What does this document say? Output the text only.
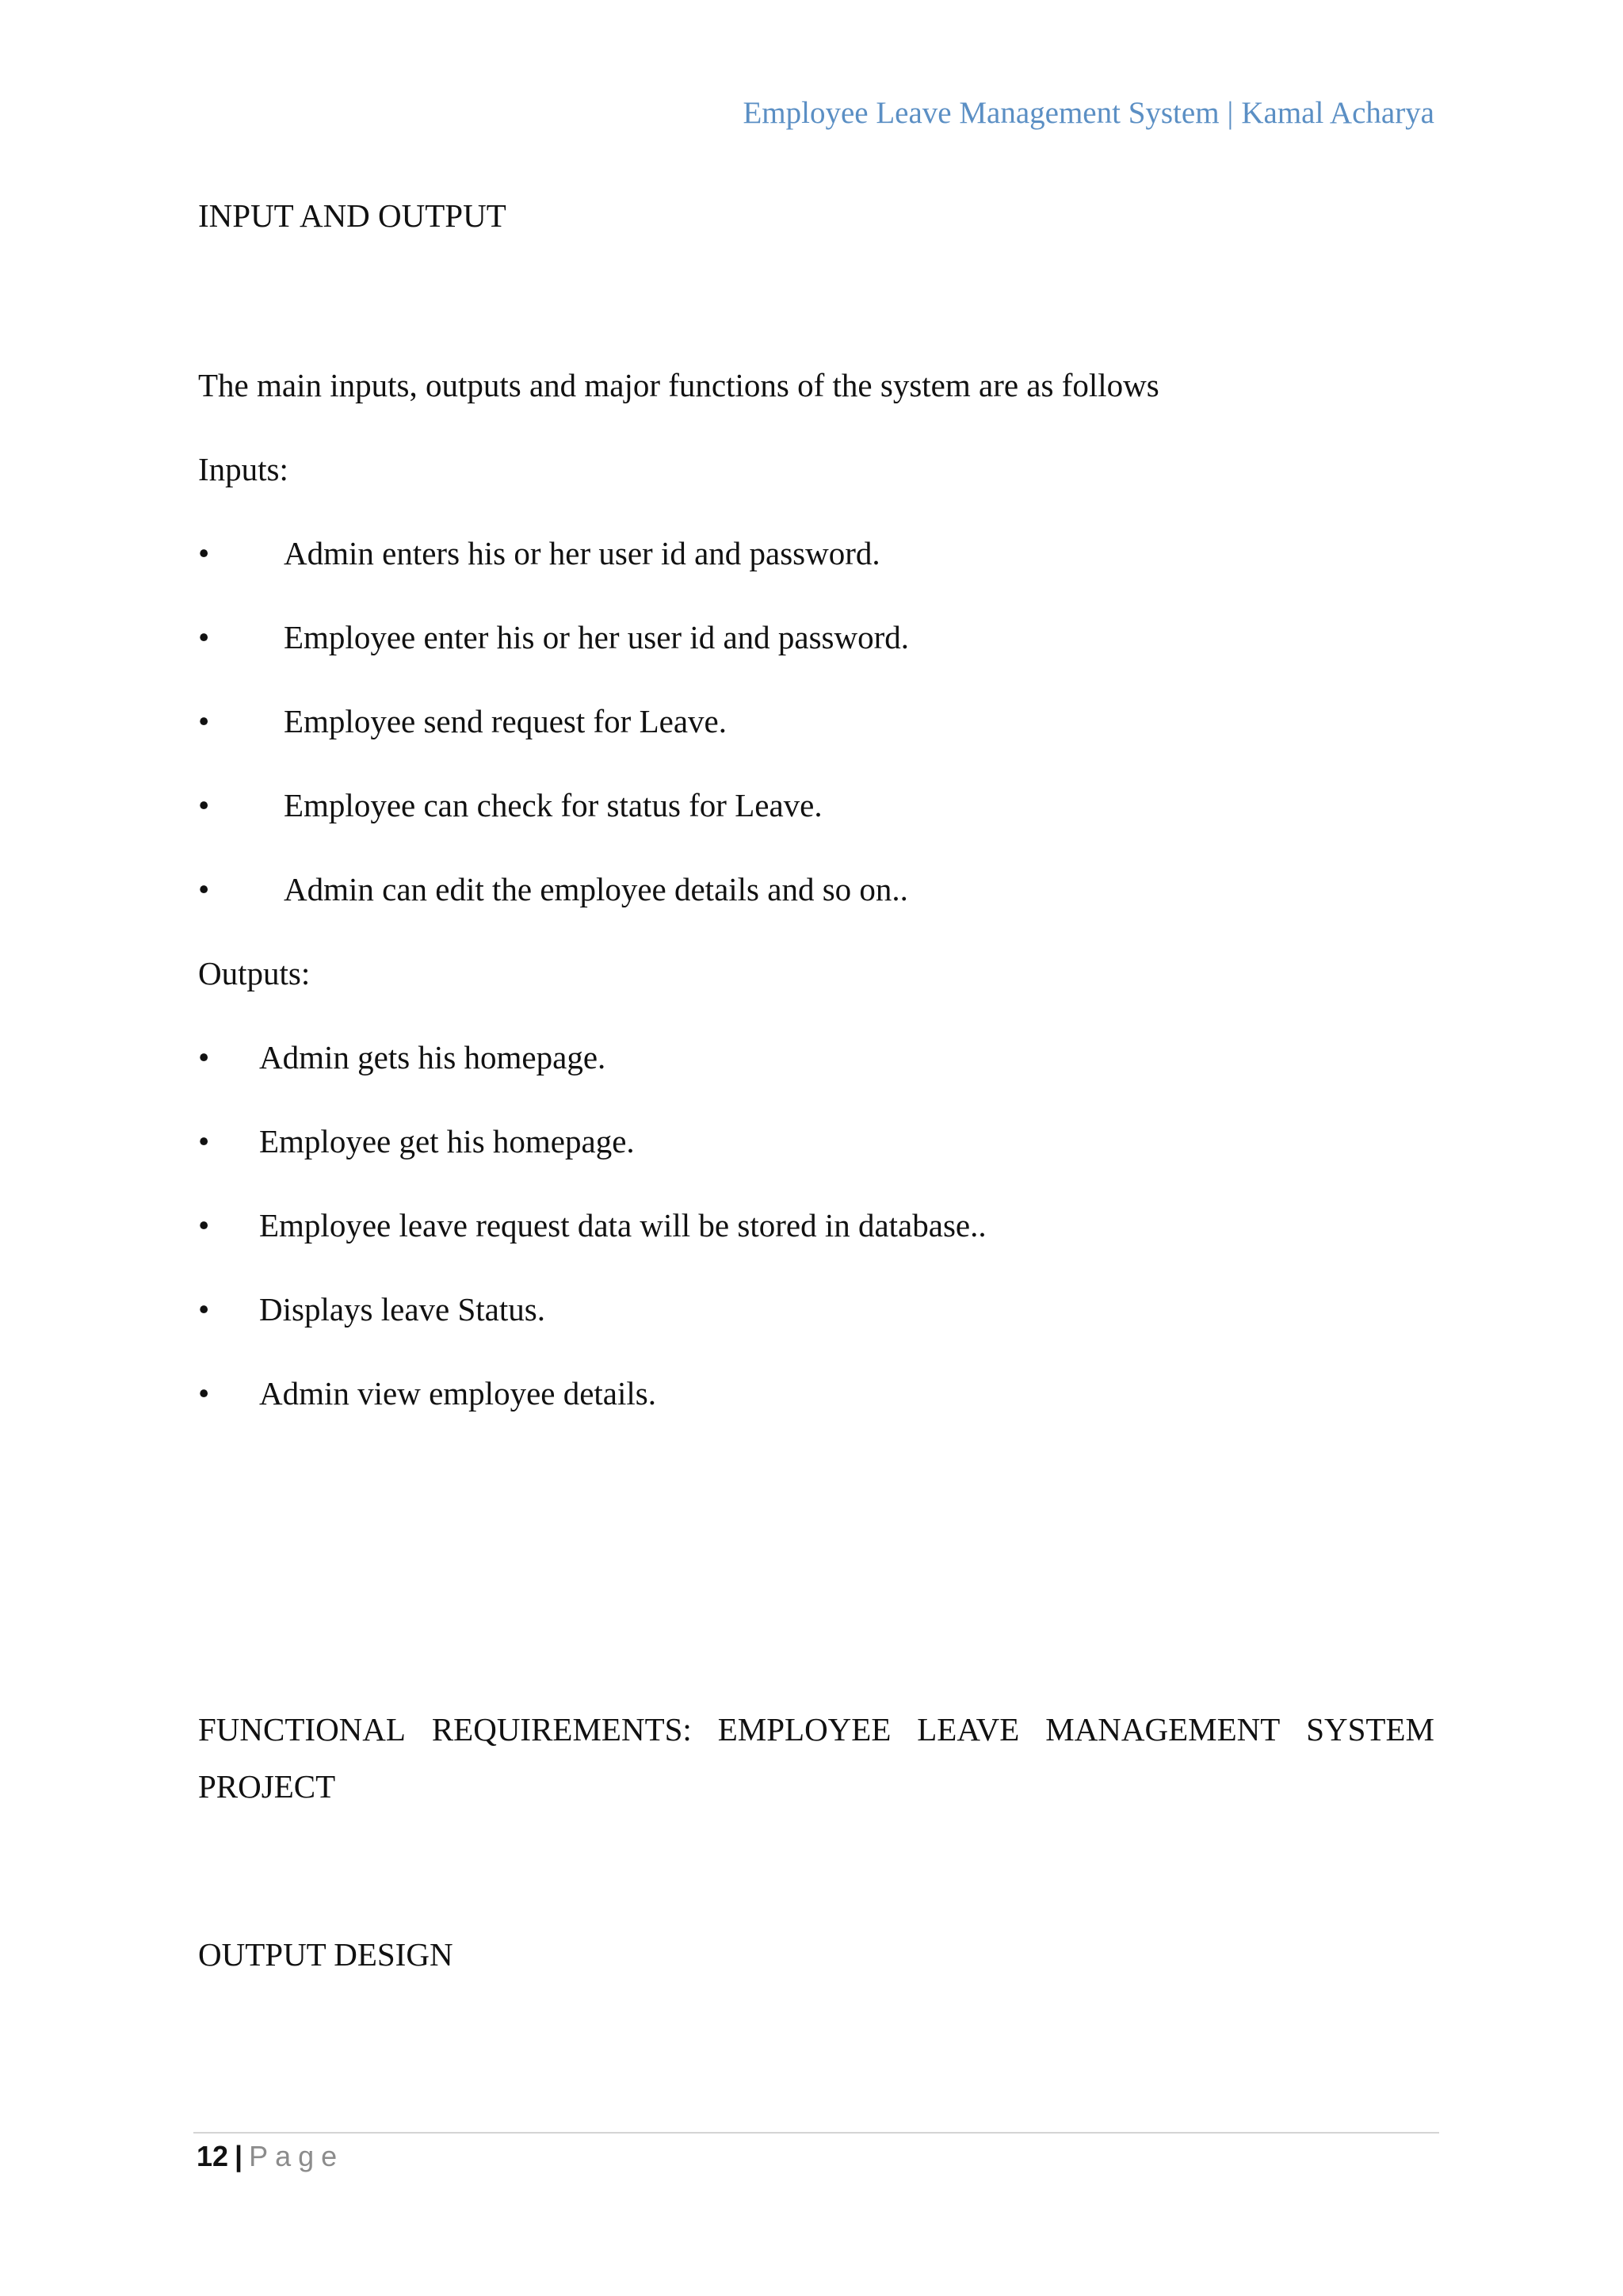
Employee Leave Management System | Kamal Acharya
INPUT AND OUTPUT
The main inputs, outputs and major functions of the system are as follows
Inputs:
• Admin enters his or her user id and password.
• Employee enter his or her user id and password.
• Employee send request for Leave.
• Employee can check for status for Leave.
• Admin can edit the employee details and so on..
Outputs:
• Admin gets his homepage.
• Employee get his homepage.
• Employee leave request data will be stored in database..
• Displays leave Status.
• Admin view employee details.
FUNCTIONAL REQUIREMENTS: EMPLOYEE LEAVE MANAGEMENT SYSTEM
PROJECT
OUTPUT DESIGN
12 | Page
